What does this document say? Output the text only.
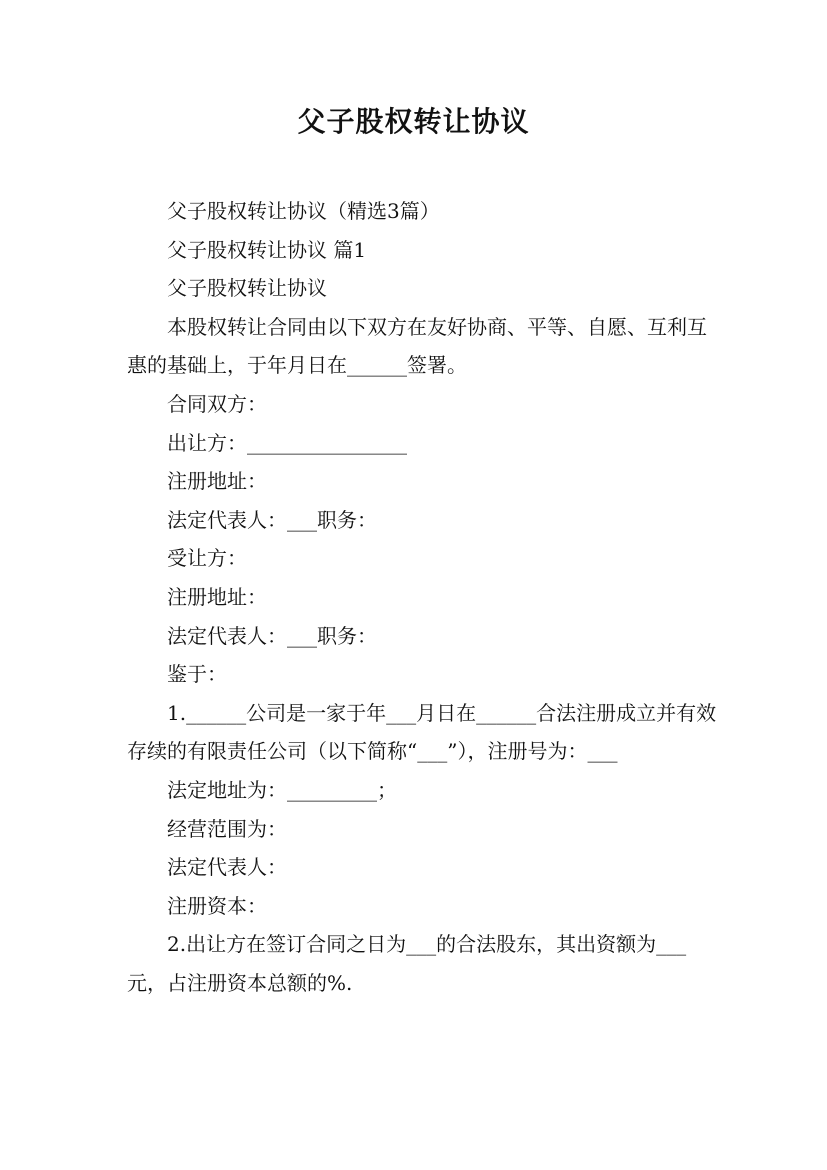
父子股权转让协议

父子股权转让协议（精选3篇）

父子股权转让协议 篇1

父子股权转让协议

本股权转让合同由以下双方在友好协商、平等、自愿、互利互惠的基础上，于年月日在______签署。

合同双方：

出让方：________________

注册地址：

法定代表人：___职务：

受让方：

注册地址：

法定代表人：___职务：

鉴于：

1.______公司是一家于年___月日在______合法注册成立并有效存续的有限责任公司（以下简称“___”），注册号为：___

法定地址为：_________；

经营范围为：

法定代表人：

注册资本：

2.出让方在签订合同之日为___的合法股东，其出资额为___元，占注册资本总额的%.
